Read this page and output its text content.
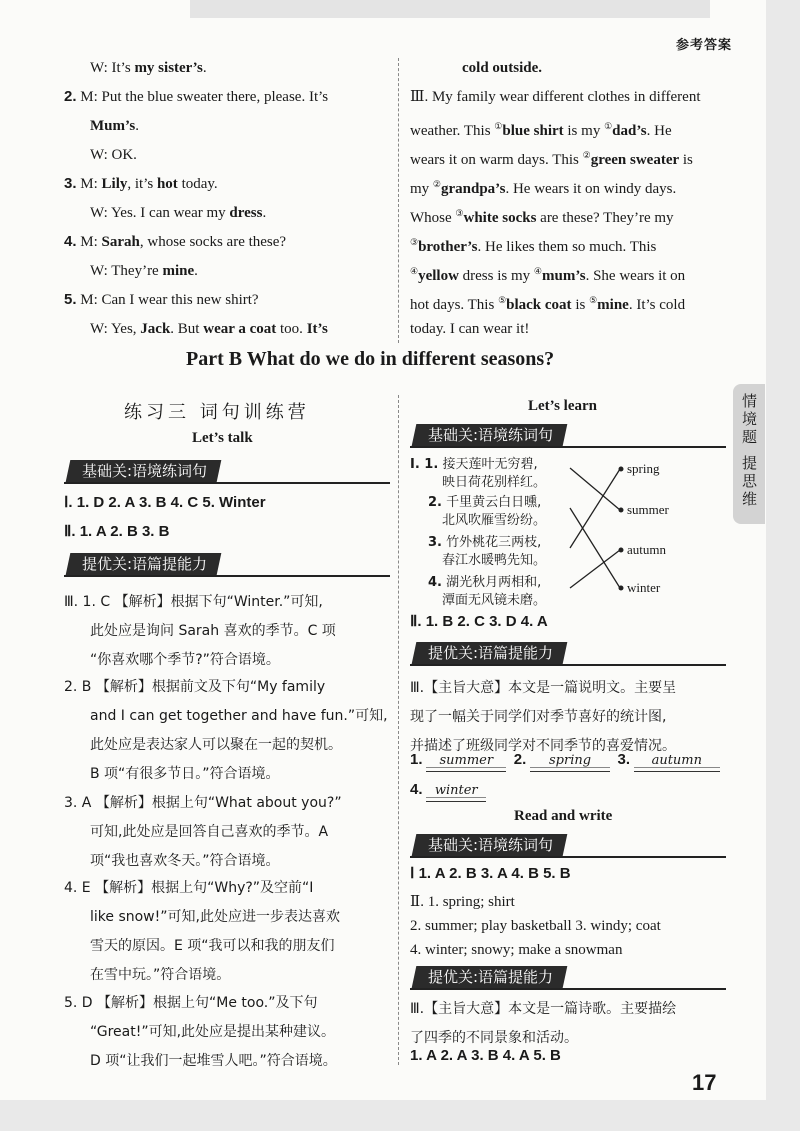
参考答案
W: It’s my sister’s.
2. M: Put the blue sweater there, please. It’s
Mum’s.
W: OK.
3. M: Lily, it’s hot today.
W: Yes. I can wear my dress.
4. M: Sarah, whose socks are these?
W: They’re mine.
5. M: Can I wear this new shirt?
W: Yes, Jack. But wear a coat too. It’s
cold outside.
Ⅲ. My family wear different clothes in different
weather. This ①blue shirt is my ①dad’s. He
wears it on warm days. This ②green sweater is
my ②grandpa’s. He wears it on windy days.
Whose ③white socks are these? They’re my
③brother’s. He likes them so much. This
④yellow dress is my ④mum’s. She wears it on
hot days. This ⑤black coat is ⑤mine. It’s cold
today. I can wear it!
Part B What do we do in different seasons?
练习三 词句训练营
Let’s talk
基础关:语境练词句
Ⅰ. 1. D 2. A 3. B 4. C 5. Winter
Ⅱ. 1. A 2. B 3. B
提优关:语篇提能力
Ⅲ. 1. C 【解析】根据下句“Winter.”可知,
此处应是询问 Sarah 喜欢的季节。C 项
“你喜欢哪个季节?”符合语境。
2. B 【解析】根据前文及下句“My family
and I can get together and have fun.”可知,
此处应是表达家人可以聚在一起的契机。
B 项“有很多节日。”符合语境。
3. A 【解析】根据上句“What about you?”
可知,此处应是回答自己喜欢的季节。A
项“我也喜欢冬天。”符合语境。
4. E 【解析】根据上句“Why?”及空前“I
like snow!”可知,此处应进一步表达喜欢
雪天的原因。E 项“我可以和我的朋友们
在雪中玩。”符合语境。
5. D 【解析】根据上句“Me too.”及下句
“Great!”可知,此处应是提出某种建议。
D 项“让我们一起堆雪人吧。”符合语境。
Let’s learn
基础关:语境练词句
Ⅰ. 1. 接天莲叶无穷碧,
映日荷花别样红。
2. 千里黄云白日曛,
北风吹雁雪纷纷。
3. 竹外桃花三两枝,
春江水暖鸭先知。
4. 湖光秋月两相和,
潭面无风镜未磨。
spring
summer
autumn
winter
Ⅱ. 1. B 2. C 3. D 4. A
提优关:语篇提能力
Ⅲ.【主旨大意】本文是一篇说明文。主要呈
现了一幅关于同学们对季节喜好的统计图,
并描述了班级同学对不同季节的喜爱情况。
1. summer 2. spring 3. autumn
4. winter
Read and write
基础关:语境练词句
Ⅰ 1. A 2. B 3. A 4. B 5. B
Ⅱ. 1. spring; shirt
2. summer; play basketball 3. windy; coat
4. winter; snowy; make a snowman
提优关:语篇提能力
Ⅲ.【主旨大意】本文是一篇诗歌。主要描绘
了四季的不同景象和活动。
1. A 2. A 3. B 4. A 5. B
情境题
提思维
17
